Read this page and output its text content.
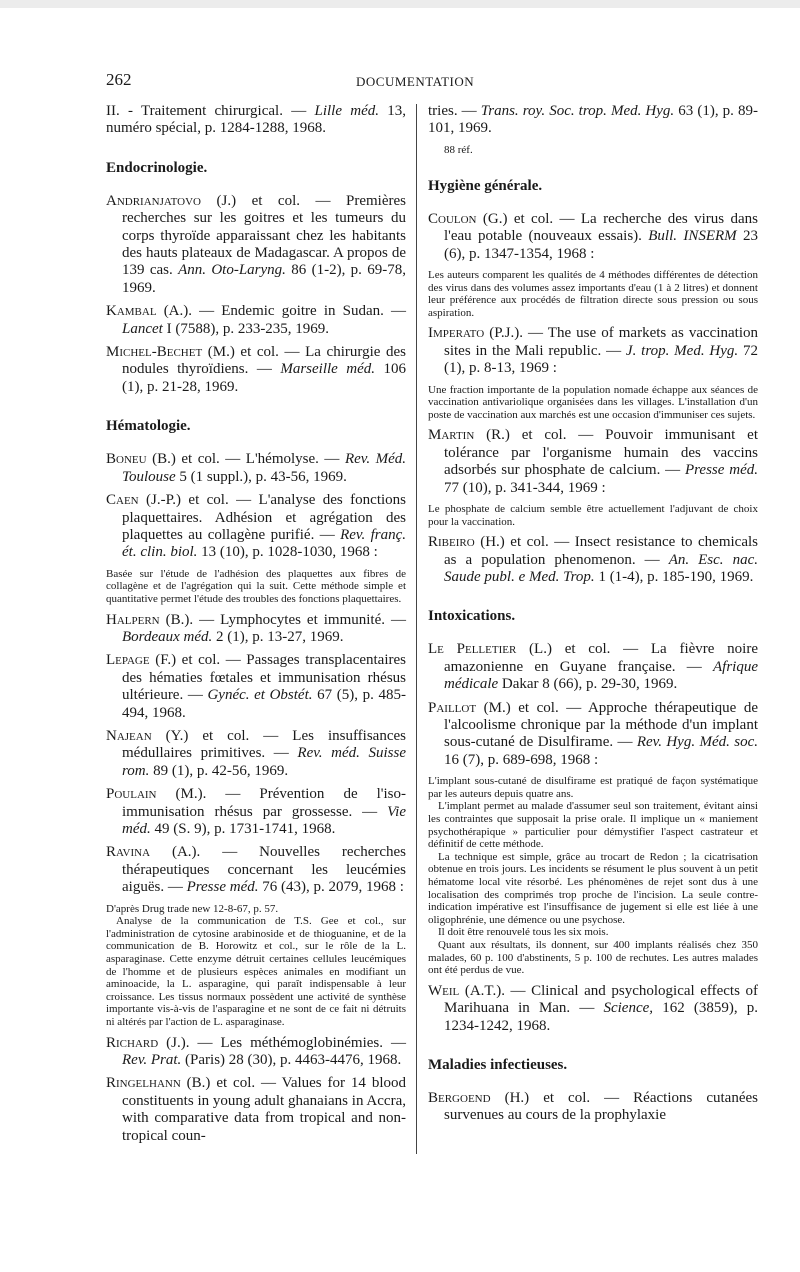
262	DOCUMENTATION
II. - Traitement chirurgical. — Lille méd. 13, numéro spécial, p. 1284-1288, 1968.
Endocrinologie.
Andrianjatovo (J.) et col. — Premières recherches sur les goitres et les tumeurs du corps thyroïde apparaissant chez les habitants des hauts plateaux de Madagascar. A propos de 139 cas. Ann. Oto-Laryng. 86 (1-2), p. 69-78, 1969.
Kambal (A.). — Endemic goitre in Sudan. — Lancet I (7588), p. 233-235, 1969.
Michel-Bechet (M.) et col. — La chirurgie des nodules thyroïdiens. — Marseille méd. 106 (1), p. 21-28, 1969.
Hématologie.
Boneu (B.) et col. — L'hémolyse. — Rev. Méd. Toulouse 5 (1 suppl.), p. 43-56, 1969.
Caen (J.-P.) et col. — L'analyse des fonctions plaquettaires. Adhésion et agrégation des plaquettes au collagène purifié. — Rev. franç. ét. clin. biol. 13 (10), p. 1028-1030, 1968 :

Basée sur l'étude de l'adhésion des plaquettes aux fibres de collagène et de l'agrégation qui la suit. Cette méthode simple et quantitative permet l'étude des troubles des fonctions plaquettaires.

Halpern (B.). — Lymphocytes et immunité. — Bordeaux méd. 2 (1), p. 13-27, 1969.
Lepage (F.) et col. — Passages transplacentaires des hématies fœtales et immunisation rhésus ultérieure. — Gynéc. et Obstét. 67 (5), p. 485-494, 1968.
Najean (Y.) et col. — Les insuffisances médullaires primitives. — Rev. méd. Suisse rom. 89 (1), p. 42-56, 1969.
Poulain (M.). — Prévention de l'iso-immunisation rhésus par grossesse. — Vie méd. 49 (S. 9), p. 1731-1741, 1968.
Ravina (A.). — Nouvelles recherches thérapeutiques concernant les leucémies aiguës. — Presse méd. 76 (43), p. 2079, 1968 :

D'après Drug trade new 12-8-67, p. 57.

Analyse de la communication de T.S. Gee et col., sur l'administration de cytosine arabinoside et de thioguanine, et de la communication de B. Horowitz et col., sur le rôle de la L. asparaginase. Cette enzyme détruit certaines cellules leucémiques de l'homme et de plusieurs espèces animales en modifiant un aminoacide, la L. asparagine, qui paraît indispensable à leur croissance. Les tissus normaux possèdent une activité de synthèse importante vis-à-vis de l'asparagine et ne sont de ce fait ni détruits ni altérés par l'action de L. asparaginase.

Richard (J.). — Les méthémoglobinémies. — Rev. Prat. (Paris) 28 (30), p. 4463-4476, 1968.
Ringelhann (B.) et col. — Values for 14 blood constituents in young adult ghanaians in Accra, with comparative data from tropical and non-tropical coun-
tries. — Trans. roy. Soc. trop. Med. Hyg. 63 (1), p. 89-101, 1969.
88 réf.
Hygiène générale.
Coulon (G.) et col. — La recherche des virus dans l'eau potable (nouveaux essais). Bull. INSERM 23 (6), p. 1347-1354, 1968 :

Les auteurs comparent les qualités de 4 méthodes différentes de détection des virus dans des volumes assez importants d'eau (1 à 2 litres) et donnent leur préférence aux procédés de filtration directe sous pression ou sous aspiration.

Imperato (P.J.). — The use of markets as vaccination sites in the Mali republic. — J. trop. Med. Hyg. 72 (1), p. 8-13, 1969 :

Une fraction importante de la population nomade échappe aux séances de vaccination antivariolique organisées dans les villages. L'installation d'un poste de vaccination aux marchés est une occasion d'immuniser ces sujets.

Martin (R.) et col. — Pouvoir immunisant et tolérance par l'organisme humain des vaccins adsorbés sur phosphate de calcium. — Presse méd. 77 (10), p. 341-344, 1969 :

Le phosphate de calcium semble être actuellement l'adjuvant de choix pour la vaccination.

Ribeiro (H.) et col. — Insect resistance to chemicals as a population phenomenon. — An. Esc. nac. Saude publ. e Med. Trop. 1 (1-4), p. 185-190, 1969.
Intoxications.
Le Pelletier (L.) et col. — La fièvre noire amazonienne en Guyane française. — Afrique médicale Dakar 8 (66), p. 29-30, 1969.
Paillot (M.) et col. — Approche thérapeutique de l'alcoolisme chronique par la méthode d'un implant sous-cutané de Disulfirame. — Rev. Hyg. Méd. soc. 16 (7), p. 689-698, 1968 :

L'implant sous-cutané de disulfirame est pratiqué de façon systématique par les auteurs depuis quatre ans.

L'implant permet au malade d'assumer seul son traitement, évitant ainsi les contraintes que supposait la prise orale. Il implique un « maniement psychothérapique » particulier pour démystifier l'aspect castrateur et définitif de cette méthode.

La technique est simple, grâce au trocart de Redon ; la cicatrisation obtenue en trois jours. Les incidents se résument le plus souvent à un petit hématome local vite résorbé. Les phénomènes de rejet sont dus à une localisation des comprimés trop proche de l'incision. La seule contre-indication impérative est l'insuffisance de jugement si elle est liée à une oligophrénie, une démence ou une psychose.

Il doit être renouvelé tous les six mois.

Quant aux résultats, ils donnent, sur 400 implants réalisés chez 350 malades, 60 p. 100 d'abstinents, 5 p. 100 de rechutes. Les autres malades ont été perdus de vue.

Weil (A.T.). — Clinical and psychological effects of Marihuana in Man. — Science, 162 (3859), p. 1234-1242, 1968.
Maladies infectieuses.
Bergoend (H.) et col. — Réactions cutanées survenues au cours de la prophylaxie
